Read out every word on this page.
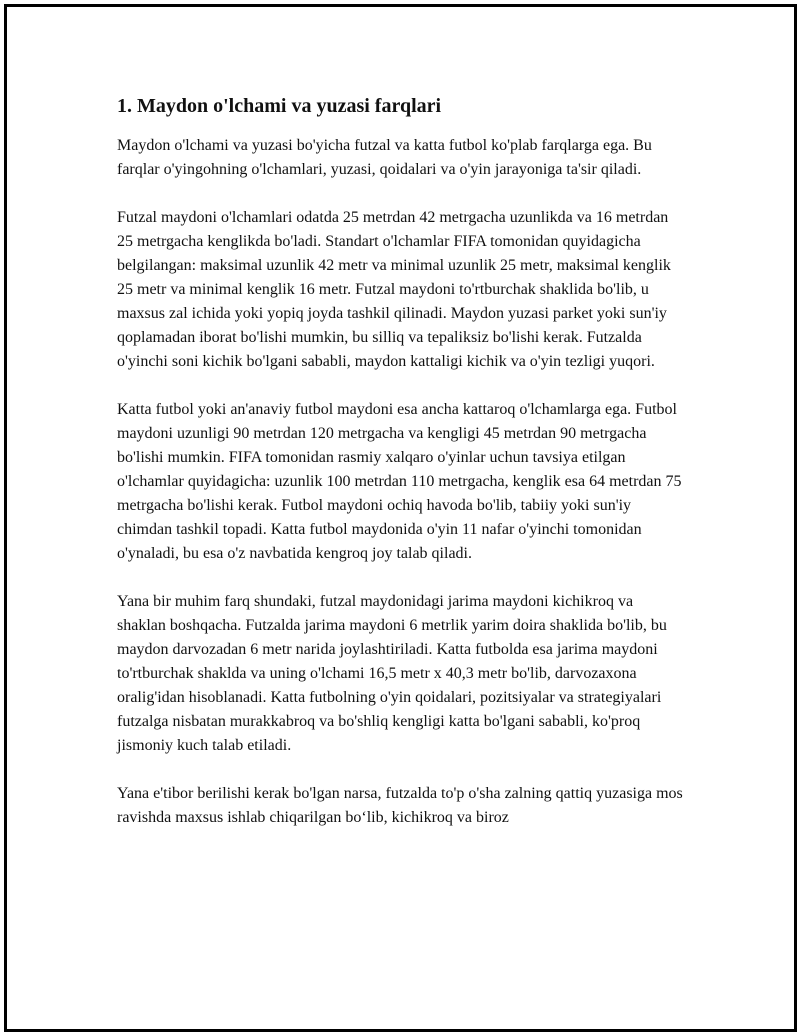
1. Maydon o'lchami va yuzasi farqlari

Maydon o'lchami va yuzasi bo'yicha futzal va katta futbol ko'plab farqlarga ega. Bu farqlar o'yingohning o'lchamlari, yuzasi, qoidalari va o'yin jarayoniga ta'sir qiladi.

Futzal maydoni o'lchamlari odatda 25 metrdan 42 metrgacha uzunlikda va 16 metrdan 25 metrgacha kenglikda bo'ladi. Standart o'lchamlar FIFA tomonidan quyidagicha belgilangan: maksimal uzunlik 42 metr va minimal uzunlik 25 metr, maksimal kenglik 25 metr va minimal kenglik 16 metr. Futzal maydoni to'rtburchak shaklida bo'lib, u maxsus zal ichida yoki yopiq joyda tashkil qilinadi. Maydon yuzasi parket yoki sun'iy qoplamadan iborat bo'lishi mumkin, bu silliq va tepaliksiz bo'lishi kerak. Futzalda o'yinchi soni kichik bo'lgani sababli, maydon kattaligi kichik va o'yin tezligi yuqori.

Katta futbol yoki an'anaviy futbol maydoni esa ancha kattaroq o'lchamlarga ega. Futbol maydoni uzunligi 90 metrdan 120 metrgacha va kengligi 45 metrdan 90 metrgacha bo'lishi mumkin. FIFA tomonidan rasmiy xalqaro o'yinlar uchun tavsiya etilgan o'lchamlar quyidagicha: uzunlik 100 metrdan 110 metrgacha, kenglik esa 64 metrdan 75 metrgacha bo'lishi kerak. Futbol maydoni ochiq havoda bo'lib, tabiiy yoki sun'iy chimdan tashkil topadi. Katta futbol maydonida o'yin 11 nafar o'yinchi tomonidan o'ynaladi, bu esa o'z navbatida kengroq joy talab qiladi.

Yana bir muhim farq shundaki, futzal maydonidagi jarima maydoni kichikroq va shaklan boshqacha. Futzalda jarima maydoni 6 metrlik yarim doira shaklida bo'lib, bu maydon darvozadan 6 metr narida joylashtiriladi. Katta futbolda esa jarima maydoni to'rtburchak shaklda va uning o'lchami 16,5 metr x 40,3 metr bo'lib, darvozaxona oralig'idan hisoblanadi. Katta futbolning o'yin qoidalari, pozitsiyalar va strategiyalari futzalga nisbatan murakkabroq va bo'shliq kengligi katta bo'lgani sababli, ko'proq jismoniy kuch talab etiladi.

Yana e'tibor berilishi kerak bo'lgan narsa, futzalda to'p o'sha zalning qattiq yuzasiga mos ravishda maxsus ishlab chiqarilgan bo‘lib, kichikroq va biroz
